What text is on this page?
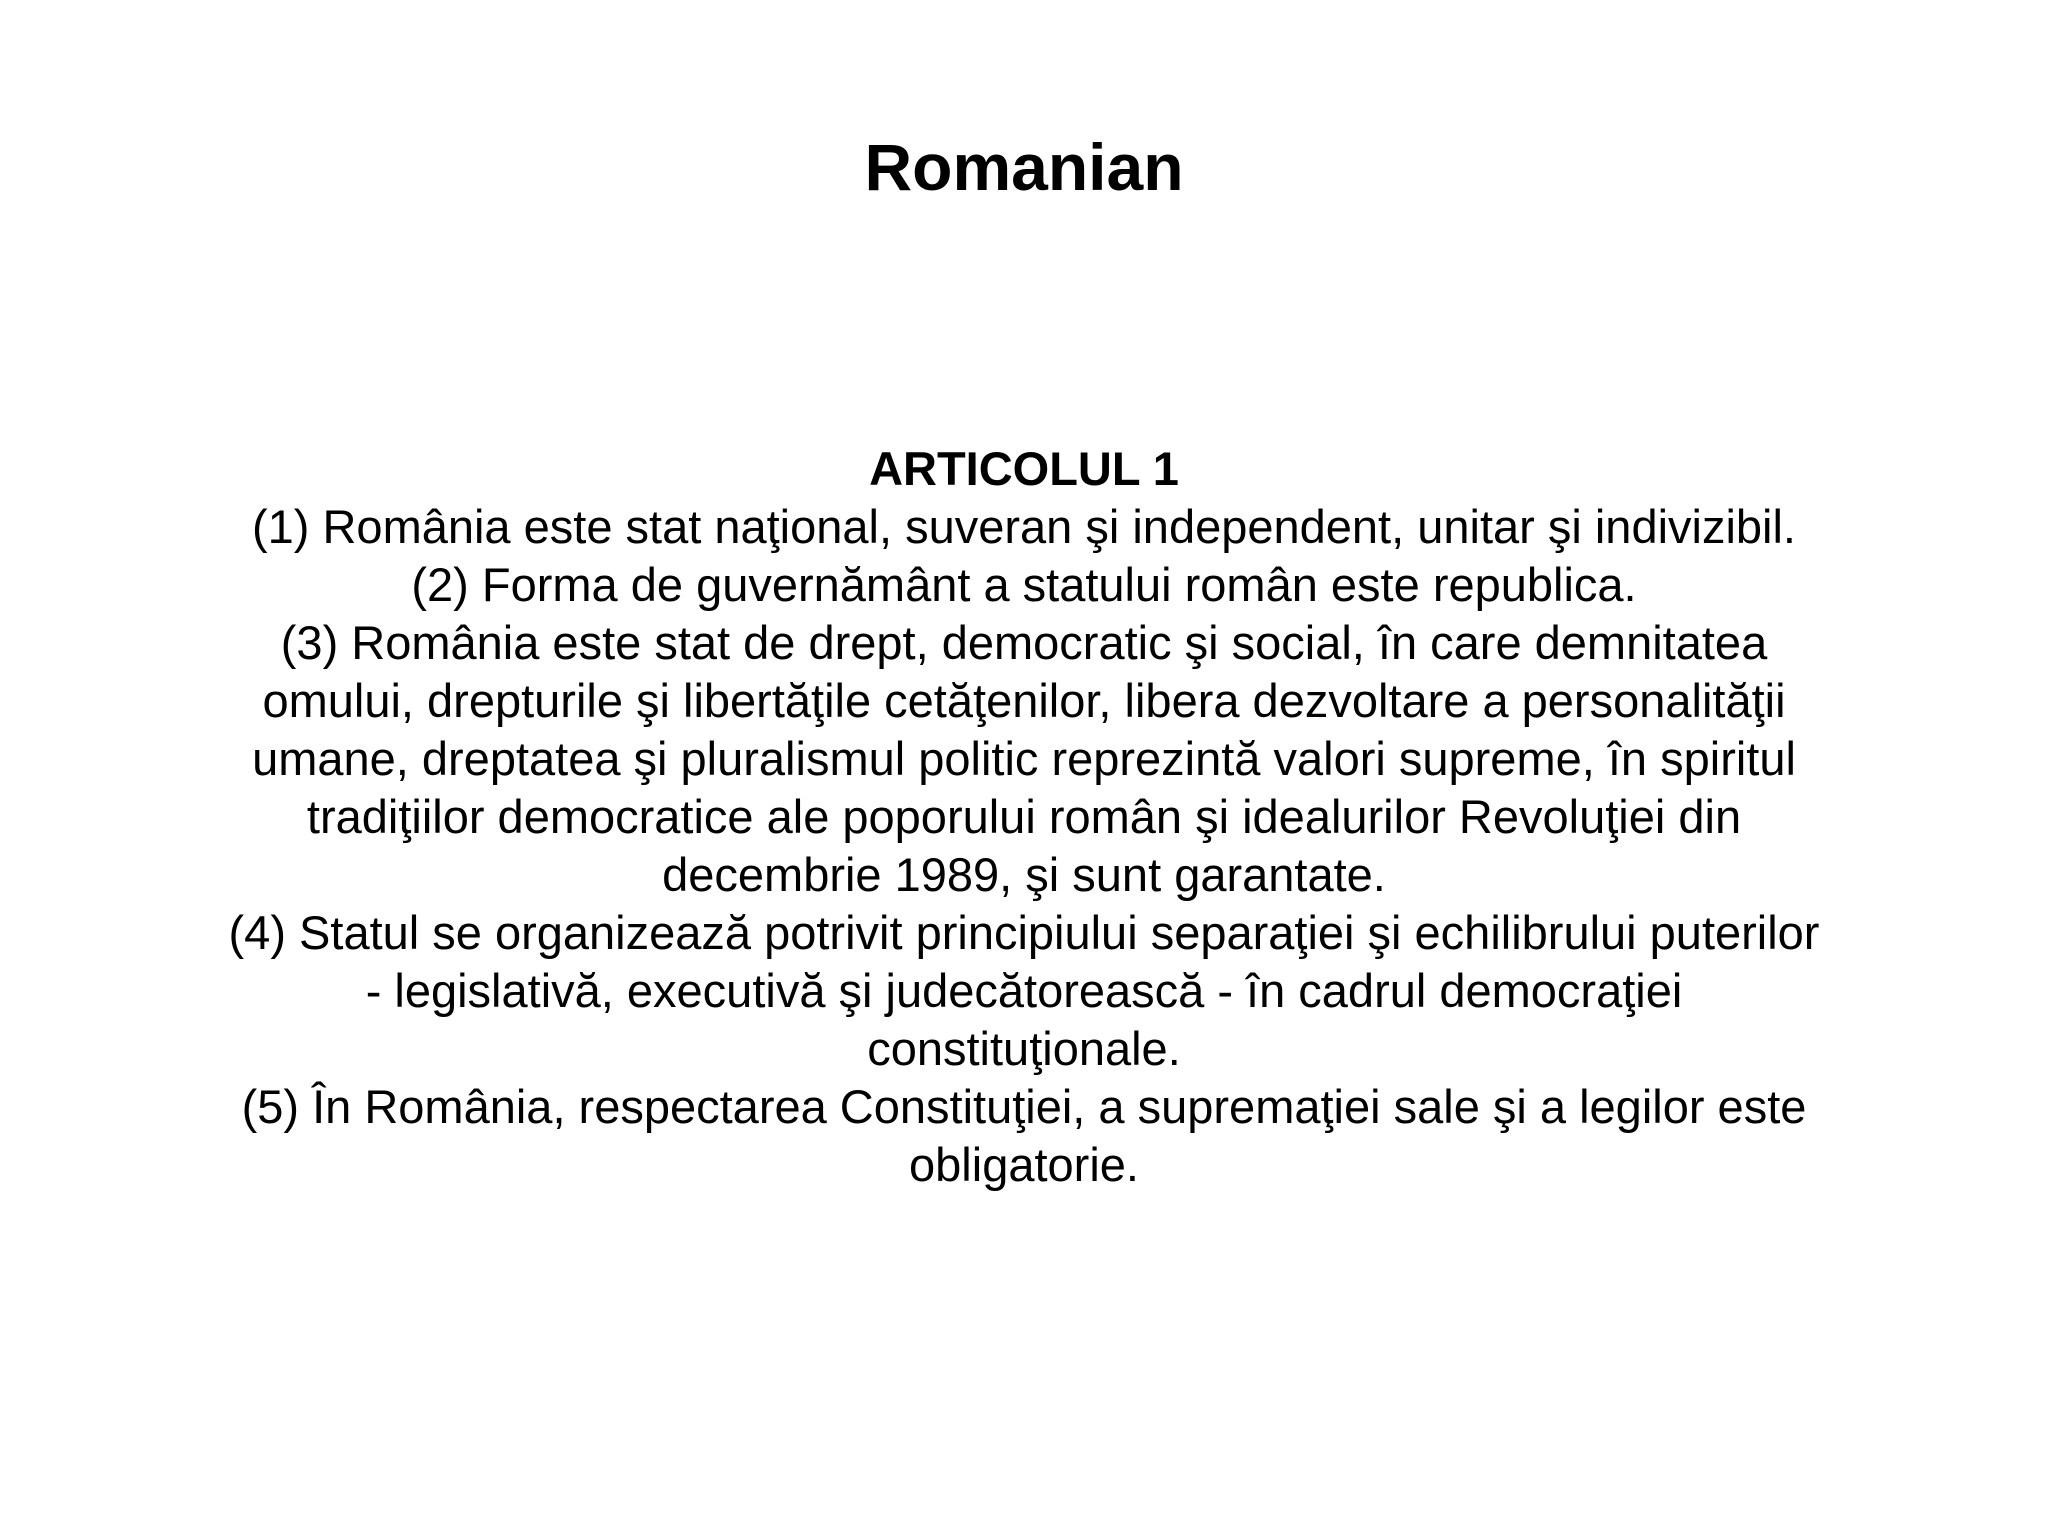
Romanian
ARTICOLUL 1
(1) România este stat naţional, suveran şi independent, unitar şi indivizibil.
(2) Forma de guvernământ a statului român este republica.
(3) România este stat de drept, democratic şi social, în care demnitatea omului, drepturile şi libertăţile cetăţenilor, libera dezvoltare a personalităţii umane, dreptatea şi pluralismul politic reprezintă valori supreme, în spiritul tradiţiilor democratice ale poporului român şi idealurilor Revoluţiei din decembrie 1989, şi sunt garantate.
(4) Statul se organizează potrivit principiului separaţiei şi echilibrului puterilor - legislativă, executivă şi judecătorească - în cadrul democraţiei constituţionale.
(5) În România, respectarea Constituţiei, a supremaţiei sale şi a legilor este obligatorie.
